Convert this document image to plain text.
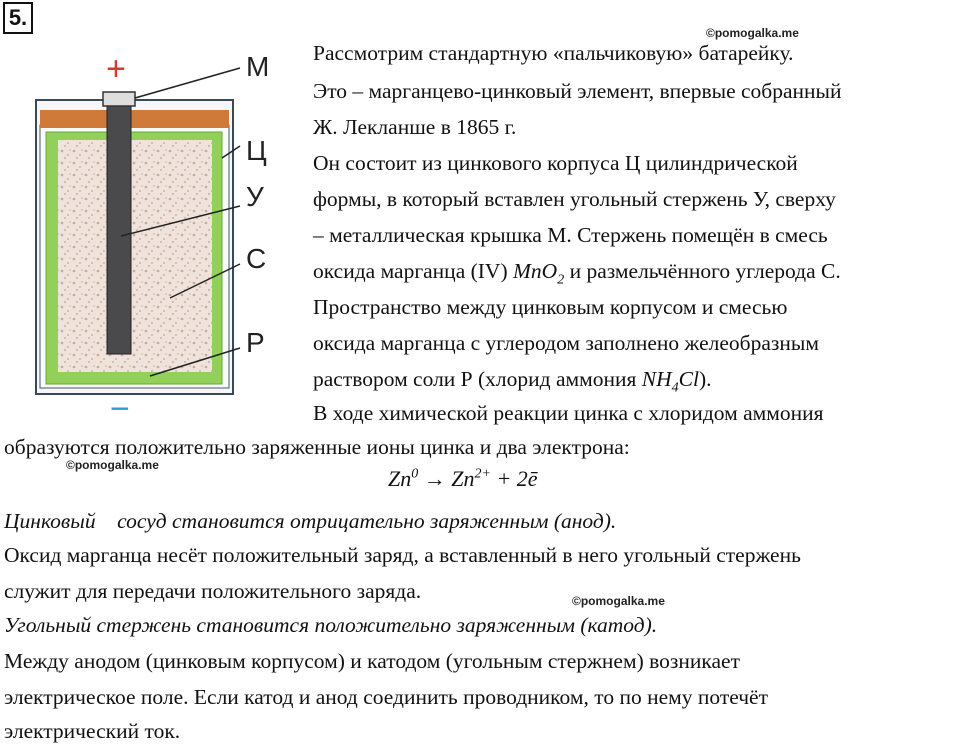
5.
©pomogalka.me
©pomogalka.me
©pomogalka.me
+	М
Ц
У
С
Р
−
Рассмотрим стандартную «пальчиковую» батарейку.
Это – марганцево-цинковый элемент, впервые собранный
Ж. Лекланше в 1865 г.
Он состоит из цинкового корпуса Ц цилиндрической
формы, в который вставлен угольный стержень У, сверху
– металлическая крышка М. Стержень помещён в смесь
оксида марганца (IV) MnO$_2$ и размельчённого углерода С.
Пространство между цинковым корпусом и смесью
оксида марганца с углеродом заполнено желеобразным
раствором соли Р (хлорид аммония $NH_4Cl$).
В ходе химической реакции цинка с хлоридом аммония
образуются положительно заряженные ионы цинка и два электрона:
$Zn^0 \to Zn^{2+}$ + 2ē
Цинковый    сосуд становится отрицательно заряженным (анод).
Оксид марганца несёт положительный заряд, а вставленный в него угольный стержень
служит для передачи положительного заряда.
Угольный стержень становится положительно заряженным (катод).
Между анодом (цинковым корпусом) и катодом (угольным стержнем) возникает
электрическое поле. Если катод и анод соединить проводником, то по нему потечёт
электрический ток.
